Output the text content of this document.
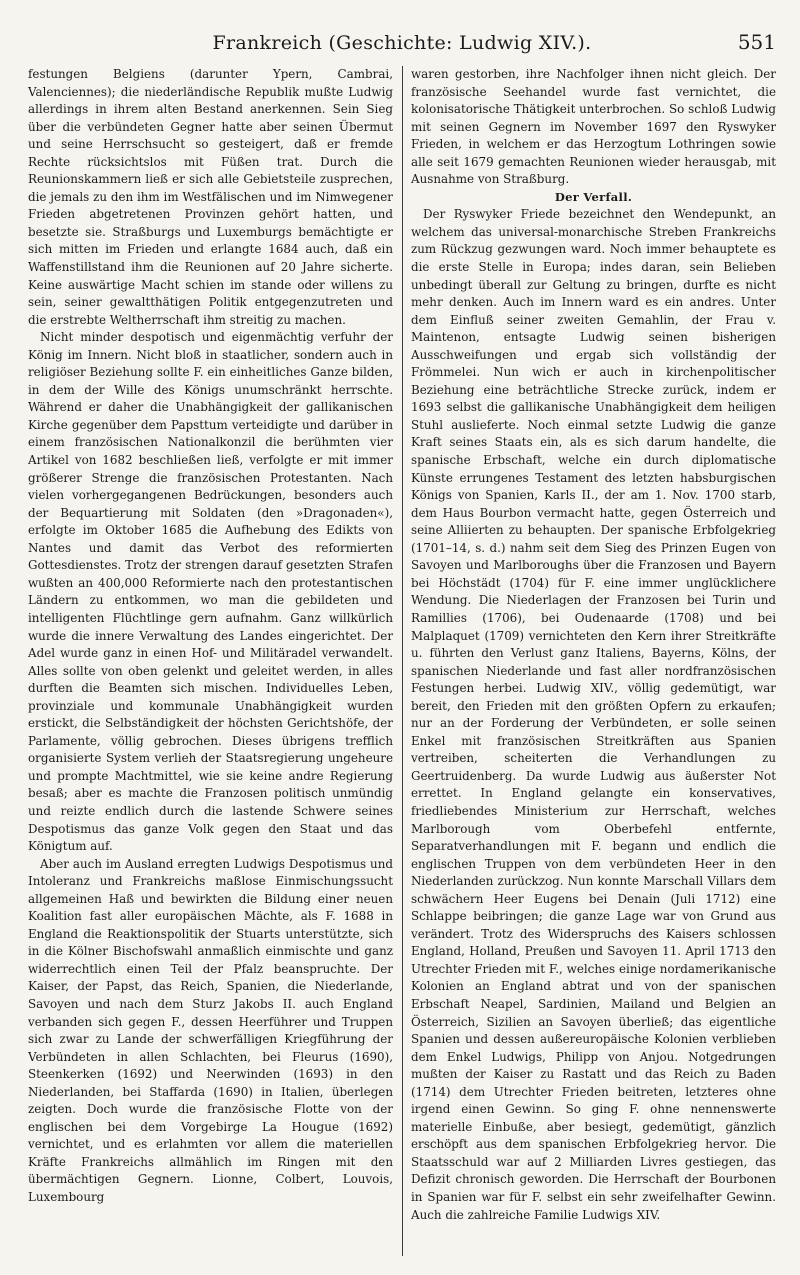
Frankreich (Geschichte: Ludwig XIV.).	551

festungen Belgiens (darunter Ypern, Cambrai, Valenciennes); die niederländische Republik mußte Ludwig allerdings in ihrem alten Bestand anerkennen. Sein Sieg über die verbündeten Gegner hatte aber seinen Übermut und seine Herrschsucht so gesteigert, daß er fremde Rechte rücksichtslos mit Füßen trat. Durch die Reunionskammern ließ er sich alle Gebietsteile zusprechen, die jemals zu den ihm im Westfälischen und im Nimwegener Frieden abgetretenen Provinzen gehört hatten, und besetzte sie. Straßburgs und Luxemburgs bemächtigte er sich mitten im Frieden und erlangte 1684 auch, daß ein Waffenstillstand ihm die Reunionen auf 20 Jahre sicherte. Keine auswärtige Macht schien im stande oder willens zu sein, seiner gewaltthätigen Politik entgegenzutreten und die erstrebte Weltherrschaft ihm streitig zu machen.

Nicht minder despotisch und eigenmächtig verfuhr der König im Innern. Nicht bloß in staatlicher, sondern auch in religiöser Beziehung sollte F. ein einheitliches Ganze bilden, in dem der Wille des Königs unumschränkt herrschte. Während er daher die Unabhängigkeit der gallikanischen Kirche gegenüber dem Papsttum verteidigte und darüber in einem französischen Nationalkonzil die berühmten vier Artikel von 1682 beschließen ließ, verfolgte er mit immer größerer Strenge die französischen Protestanten. Nach vielen vorhergegangenen Bedrückungen, besonders auch der Bequartierung mit Soldaten (den »Dragonaden«), erfolgte im Oktober 1685 die Aufhebung des Edikts von Nantes und damit das Verbot des reformierten Gottesdienstes. Trotz der strengen darauf gesetzten Strafen wußten an 400,000 Reformierte nach den protestantischen Ländern zu entkommen, wo man die gebildeten und intelligenten Flüchtlinge gern aufnahm. Ganz willkürlich wurde die innere Verwaltung des Landes eingerichtet. Der Adel wurde ganz in einen Hof- und Militäradel verwandelt. Alles sollte von oben gelenkt und geleitet werden, in alles durften die Beamten sich mischen. Individuelles Leben, provinziale und kommunale Unabhängigkeit wurden erstickt, die Selbständigkeit der höchsten Gerichtshöfe, der Parlamente, völlig gebrochen. Dieses übrigens trefflich organisierte System verlieh der Staatsregierung ungeheure und prompte Machtmittel, wie sie keine andre Regierung besaß; aber es machte die Franzosen politisch unmündig und reizte endlich durch die lastende Schwere seines Despotismus das ganze Volk gegen den Staat und das Königtum auf.

Aber auch im Ausland erregten Ludwigs Despotismus und Intoleranz und Frankreichs maßlose Einmischungssucht allgemeinen Haß und bewirkten die Bildung einer neuen Koalition fast aller europäischen Mächte, als F. 1688 in England die Reaktionspolitik der Stuarts unterstützte, sich in die Kölner Bischofswahl anmaßlich einmischte und ganz widerrechtlich einen Teil der Pfalz beanspruchte. Der Kaiser, der Papst, das Reich, Spanien, die Niederlande, Savoyen und nach dem Sturz Jakobs II. auch England verbanden sich gegen F., dessen Heerführer und Truppen sich zwar zu Lande der schwerfälligen Kriegführung der Verbündeten in allen Schlachten, bei Fleurus (1690), Steenkerken (1692) und Neerwinden (1693) in den Niederlanden, bei Staffarda (1690) in Italien, überlegen zeigten. Doch wurde die französische Flotte von der englischen bei dem Vorgebirge La Hougue (1692) vernichtet, und es erlahmten vor allem die materiellen Kräfte Frankreichs allmählich im Ringen mit den übermächtigen Gegnern. Lionne, Colbert, Louvois, Luxembourg

waren gestorben, ihre Nachfolger ihnen nicht gleich. Der französische Seehandel wurde fast vernichtet, die kolonisatorische Thätigkeit unterbrochen. So schloß Ludwig mit seinen Gegnern im November 1697 den Ryswyker Frieden, in welchem er das Herzogtum Lothringen sowie alle seit 1679 gemachten Reunionen wieder herausgab, mit Ausnahme von Straßburg.

Der Verfall.

Der Ryswyker Friede bezeichnet den Wendepunkt, an welchem das universal-monarchische Streben Frankreichs zum Rückzug gezwungen ward. Noch immer behauptete es die erste Stelle in Europa; indes daran, sein Belieben unbedingt überall zur Geltung zu bringen, durfte es nicht mehr denken. Auch im Innern ward es ein andres. Unter dem Einfluß seiner zweiten Gemahlin, der Frau v. Maintenon, entsagte Ludwig seinen bisherigen Ausschweifungen und ergab sich vollständig der Frömmelei. Nun wich er auch in kirchenpolitischer Beziehung eine beträchtliche Strecke zurück, indem er 1693 selbst die gallikanische Unabhängigkeit dem heiligen Stuhl auslieferte. Noch einmal setzte Ludwig die ganze Kraft seines Staats ein, als es sich darum handelte, die spanische Erbschaft, welche ein durch diplomatische Künste errungenes Testament des letzten habsburgischen Königs von Spanien, Karls II., der am 1. Nov. 1700 starb, dem Haus Bourbon vermacht hatte, gegen Österreich und seine Alliierten zu behaupten. Der spanische Erbfolgekrieg (1701–14, s. d.) nahm seit dem Sieg des Prinzen Eugen von Savoyen und Marlboroughs über die Franzosen und Bayern bei Höchstädt (1704) für F. eine immer unglücklichere Wendung. Die Niederlagen der Franzosen bei Turin und Ramillies (1706), bei Oudenaarde (1708) und bei Malplaquet (1709) vernichteten den Kern ihrer Streitkräfte u. führten den Verlust ganz Italiens, Bayerns, Kölns, der spanischen Niederlande und fast aller nordfranzösischen Festungen herbei. Ludwig XIV., völlig gedemütigt, war bereit, den Frieden mit den größten Opfern zu erkaufen; nur an der Forderung der Verbündeten, er solle seinen Enkel mit französischen Streitkräften aus Spanien vertreiben, scheiterten die Verhandlungen zu Geertruidenberg. Da wurde Ludwig aus äußerster Not errettet. In England gelangte ein konservatives, friedliebendes Ministerium zur Herrschaft, welches Marlborough vom Oberbefehl entfernte, Separatverhandlungen mit F. begann und endlich die englischen Truppen von dem verbündeten Heer in den Niederlanden zurückzog. Nun konnte Marschall Villars dem schwächern Heer Eugens bei Denain (Juli 1712) eine Schlappe beibringen; die ganze Lage war von Grund aus verändert. Trotz des Widerspruchs des Kaisers schlossen England, Holland, Preußen und Savoyen 11. April 1713 den Utrechter Frieden mit F., welches einige nordamerikanische Kolonien an England abtrat und von der spanischen Erbschaft Neapel, Sardinien, Mailand und Belgien an Österreich, Sizilien an Savoyen überließ; das eigentliche Spanien und dessen außereuropäische Kolonien verblieben dem Enkel Ludwigs, Philipp von Anjou. Notgedrungen mußten der Kaiser zu Rastatt und das Reich zu Baden (1714) dem Utrechter Frieden beitreten, letzteres ohne irgend einen Gewinn. So ging F. ohne nennenswerte materielle Einbuße, aber besiegt, gedemütigt, gänzlich erschöpft aus dem spanischen Erbfolgekrieg hervor. Die Staatsschuld war auf 2 Milliarden Livres gestiegen, das Defizit chronisch geworden. Die Herrschaft der Bourbonen in Spanien war für F. selbst ein sehr zweifelhafter Gewinn. Auch die zahlreiche Familie Ludwigs XIV.
